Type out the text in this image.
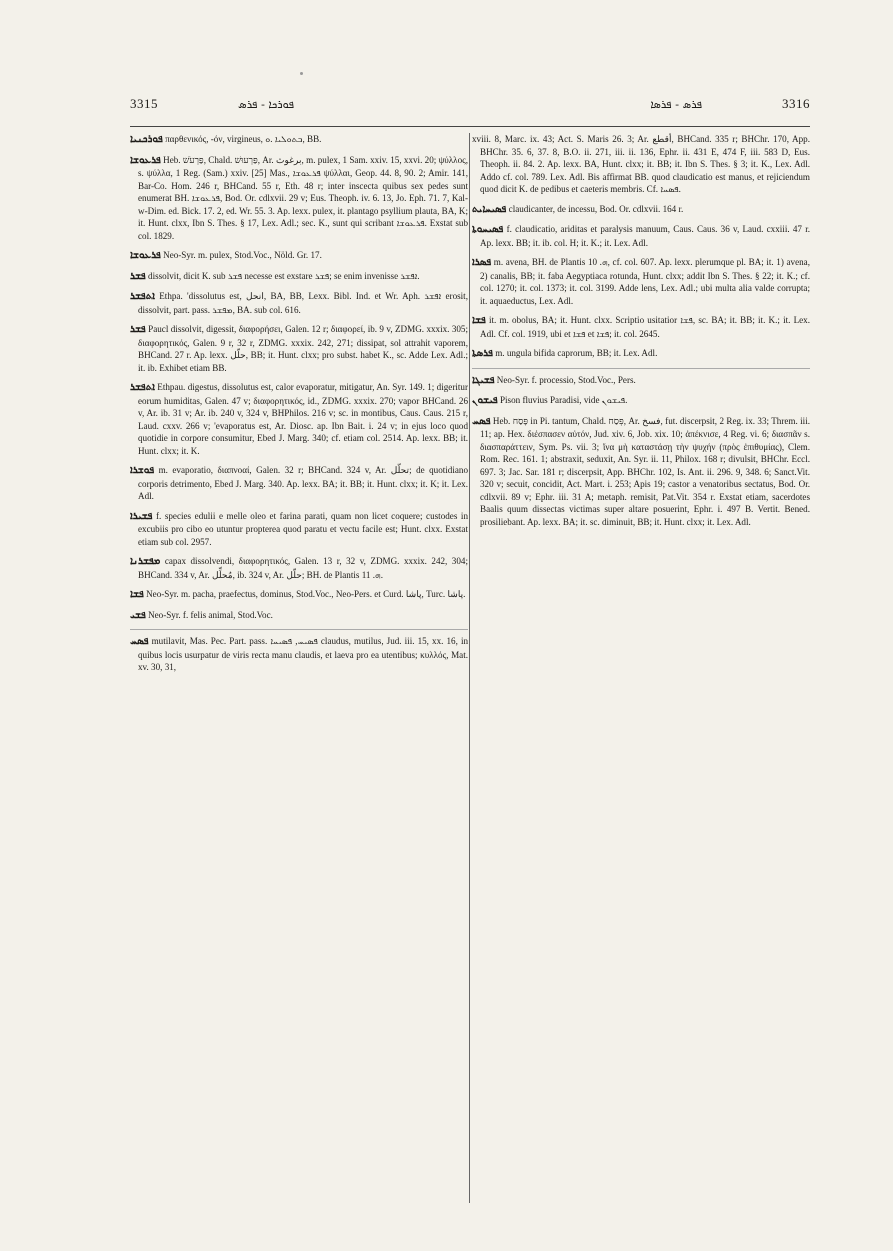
3315	ܦܘܪܟܐ - ܦܪܣ	ܦܪܣ - ܦܪܣܐ	3316

ܦܘܪܟܢܝܐ παρθενικός, -όν, virgineus, ܒܬܘܠܝܐ .ܘ, BB.

ܦܪܥܘܫܐ Heb. פַּרְעֹשׁ, Chald. פַּרְעוּשׁ, Ar. برغوث, m. pulex, 1 Sam. xxiv. 15, xxvi. 20; ψύλλος, s. ψύλλα, 1 Reg. (Sam.) xxiv. [25] Mas., ܦܪܥܘܫܐ ψύλλαι, Geop. 44. 8, 90. 2; Amir. 141, Bar-Co. Hom. 246 r, BHCand. 55 r, Eth. 48 r; inter inscecta quibus sex pedes sunt enumerat BH. ܦܪܥܘܫܐ, Bod. Or. cdlxvii. 29 v; Eus. Theoph. iv. 6. 13, Jo. Eph. 71. 7, Kal-w-Dim. ed. Bick. 17. 2, ed. Wr. 55. 3. Ap. lexx. pulex, it. plantago psyllium plauta, BA, K; it. Hunt. clxx, Ibn S. Thes. § 17, Lex. Adl.; sec. K., sunt qui scribant ܦܪܥܘܫܐ. Exstat sub col. 1829.

ܦܪܥܘܫܐ Neo-Syr. m. pulex, Stod.Voc., Nöld. Gr. 17.

ܦܫܪ dissolvit, dicit K. sub ܦܫܪ necesse est exstare ܦܫܪ; se enim invenisse ܐܦܫܪ.

ܐܬܦܫܪ Ethpa. 'dissolutus est, انحل, BA, BB, Lexx. Bibl. Ind. et Wr. Aph. ܐܦܫܪ erosit, dissolvit, part. pass. ܡܦܫܪ, BA. sub col. 616.

ܦܫܪ Paucl dissolvit, digessit, διαφορήσει, Galen. 12 r; διαφορεί, ib. 9 v, ZDMG. xxxix. 305; διαφορητικός, Galen. 9 r, 32 r, ZDMG. xxxix. 242, 271; dissipat, sol attrahit vaporem, BHCand. 27 r. Ap. lexx. حلّل, BB; it. Hunt. clxx; pro subst. habet K., sc. Adde Lex. Adl.; it. ib. Exhibet etiam BB.

ܐܬܦܫܪ Ethpau. digestus, dissolutus est, calor evaporatur, mitigatur, An. Syr. 149. 1; digeritur eorum humiditas, Galen. 47 v; διαφορητικός, id., ZDMG. xxxix. 270; vapor BHCand. 26 v, Ar. ib. 31 v; Ar. ib. 240 v, 324 v, BHPhilos. 216 v; sc. in montibus, Caus. Caus. 215 r, Laud. cxxv. 266 v; 'evaporatus est, Ar. Diosc. ap. Ibn Bait. i. 24 v; in ejus loco quod quotidie in corpore consumitur, Ebed J. Marg. 340; cf. etiam col. 2514. Ap. lexx. BB; it. Hunt. clxx; it. K.

ܦܘܫܪܐ m. evaporatio, διαπνοαί, Galen. 32 r; BHCand. 324 v, Ar. تحلّل; de quotidiano corporis detrimento, Ebed J. Marg. 340. Ap. lexx. BA; it. BB; it. Hunt. clxx; it. K; it. Lex. Adl.

ܦܫܝܪܐ f. species edulii e melle oleo et farina parati, quam non licet coquere; custodes in excubiis pro cibo eo utuntur propterea quod paratu et vectu facile est; Hunt. clxx. Exstat etiam sub col. 2957.

ܡܦܫܪܢܐ capax dissolvendi, διαφορητικός, Galen. 13 r, 32 v, ZDMG. xxxix. 242, 304; BHCand. 334 v, Ar. مُحلِّل, ib. 324 v, Ar. حلّل; BH. de Plantis ܗ. 11.

ܦܫܐ Neo-Syr. m. pacha, praefectus, dominus, Stod.Voc., Neo-Pers. et Curd. پاشا, Turc. پاشا.

ܦܫܝ Neo-Syr. f. felis animal, Stod.Voc.

ܦܣܚ mutilavit, Mas. Pec. Part. pass. ܦܣܝܚ, ܦܣܝܚܐ claudus, mutilus, Jud. iii. 15, xx. 16, in quibus locis usurpatur de viris recta manu claudis, et laeva pro ea utentibus; κυλλός, Mat. xv. 30, 31,

xviii. 8, Marc. ix. 43; Act. S. Maris 26. 3; Ar. أقطع, BHCand. 335 r; BHChr. 170, App. BHChr. 35. 6, 37. 8, B.O. ii. 271, iii. ii. 136, Ephr. ii. 431 E, 474 F, iii. 583 D, Eus. Theoph. ii. 84. 2. Ap. lexx. BA, Hunt. clxx; it. BB; it. Ibn S. Thes. § 3; it. K., Lex. Adl. Addo cf. col. 789. Lex. Adl. Bis affirmat BB. quod claudicatio est manus, et rejiciendum quod dicit K. de pedibus et caeteris membris. Cf. ܦܣܚܐ.

ܦܣܝܚܐܝܬ claudicanter, de incessu, Bod. Or. cdlxvii. 164 r.

ܦܣܝܚܘܬܐ f. claudicatio, ariditas et paralysis manuum, Caus. Caus. 36 v, Laud. cxxiii. 47 r. Ap. lexx. BB; it. ib. col. H; it. K.; it. Lex. Adl.

ܦܣܪܐ m. avena, BH. de Plantis ܗ. 10, cf. col. 607. Ap. lexx. plerumque pl. BA; it. 1) avena, 2) canalis, BB; it. faba Aegyptiaca rotunda, Hunt. clxx; addit Ibn S. Thes. § 22; it. K.; cf. col. 1270; it. col. 1373; it. col. 3199. Adde lens, Lex. Adl.; ubi multa alia valde corrupta; it. aquaeductus, Lex. Adl.

ܦܫܐ it. m. obolus, BA; it. Hunt. clxx. Scriptio usitatior ܦܫܐ, sc. BA; it. BB; it. K.; it. Lex. Adl. Cf. col. 1919, ubi et ܦܫܐ et ܦܫܐ; it. col. 2645.

ܦܪܣܬܐ m. ungula bifida caprorum, BB; it. Lex. Adl.

ܦܫܝܓܐ Neo-Syr. f. processio, Stod.Voc., Pers.

ܦܝܫܘܢ Pison fluvius Paradisi, vide ܦܝܫܘܢ.

ܦܣܚ Heb. פָּסַח in Pi. tantum, Chald. פְּסַח, Ar. فسخ, fut. discerpsit, 2 Reg. ix. 33; Threm. iii. 11; ap. Hex. διέσπασεν αὐτόν, Jud. xiv. 6, Job. xix. 10; ἀπέκνισε, 4 Reg. vi. 6; διασπᾶν s. διασπαράττειν, Sym. Ps. vii. 3; ἵνα μὴ καταστάσῃ τὴν ψυχήν (πρὸς ἐπιθυμίας), Clem. Rom. Rec. 161. 1; abstraxit, seduxit, An. Syr. ii. 11, Philox. 168 r; divulsit, BHChr. Eccl. 697. 3; Jac. Sar. 181 r; discerpsit, App. BHChr. 102, Is. Ant. ii. 296. 9, 348. 6; Sanct.Vit. 320 v; secuit, concidit, Act. Mart. i. 253; Apis 19; castor a venatoribus sectatus, Bod. Or. cdlxvii. 89 v; Ephr. iii. 31 A; metaph. remisit, Pat.Vit. 354 r. Exstat etiam, sacerdotes Baalis quum dissectas victimas super altare posuerint, Ephr. i. 497 B. Vertit. Bened. prosiliebant. Ap. lexx. BA; it. sc. diminuit, BB; it. Hunt. clxx; it. Lex. Adl.
